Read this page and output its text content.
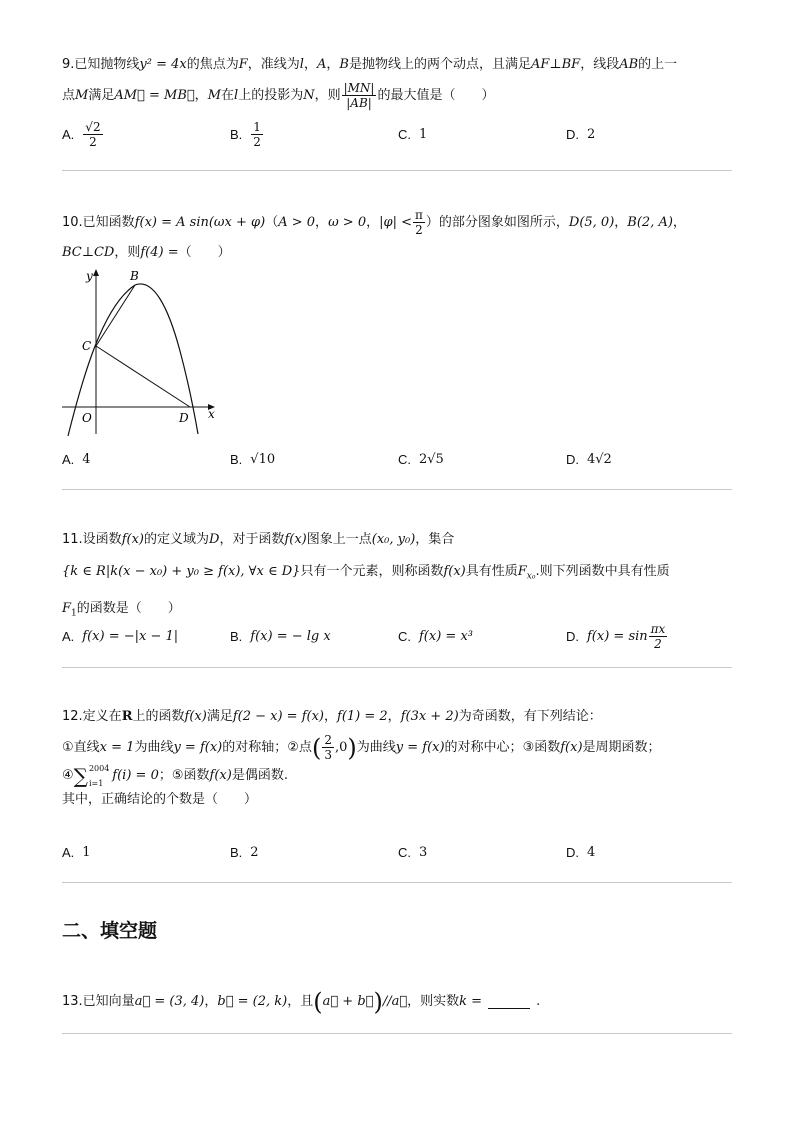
9.已知抛物线y² = 4x的焦点为F，准线为l，A，B是抛物线上的两个动点，且满足AF⊥BF，线段AB的上一
点M满足AM⃗ = MB⃗，M在l上的投影为N，则 $\frac{|MN|}{|AB|}$ 的最大值是（　　）
A. $\frac{√2}{2}$	B. $\frac{1}{2}$	C. 1	D. 2
10.已知函数f(x) = A sin(ωx + φ)（A > 0，ω > 0，$|\varphi| < \frac{\pi}{2}$ ）的部分图象如图所示，D(5, 0)，B(2, A)，
BC⊥CD，则f(4) =（　　）
y
x
O
B
C
D
A. 4	B. √10	C. 2√5	D. 4√2
11.设函数f(x)的定义域为D，对于函数f(x)图象上一点(x₀, y₀)，集合
{k ∈ R|k(x − x₀) + y₀ ≥ f(x), ∀x ∈ D}只有一个元素，则称函数f(x)具有性质$F_{x_0}$.则下列函数中具有性质
$F_1$的函数是（　　）
A. f(x) = −|x − 1|	B. f(x) = − lg x	C. f(x) = x³	D. $f(x) = \sin \frac{\pi x}{2}$
12.定义在R上的函数f(x)满足f(2 − x) = f(x)，f(1) = 2，f(3x + 2)为奇函数，有下列结论：
① 直线 x = 1 为曲线 y = f(x) 的对称轴； ② 点 ( $\frac{2}{3} ,0$ ) 为曲线 y = f(x) 的对称中心； ③ 函数 f(x) 是周期函数；
④ ∑ 2004
i=1
f(i) = 0 ； ⑤ 函数 f(x) 是偶函数.
其中，正确结论的个数是（　　）
A. 1	B. 2	C. 3	D. 4
二、填空题
13.已知向量 a⃗ = (3, 4) ， b⃗ = (2, k) ，且 ( a⃗ + b⃗ ) //a⃗ ，则实数 k =	.
